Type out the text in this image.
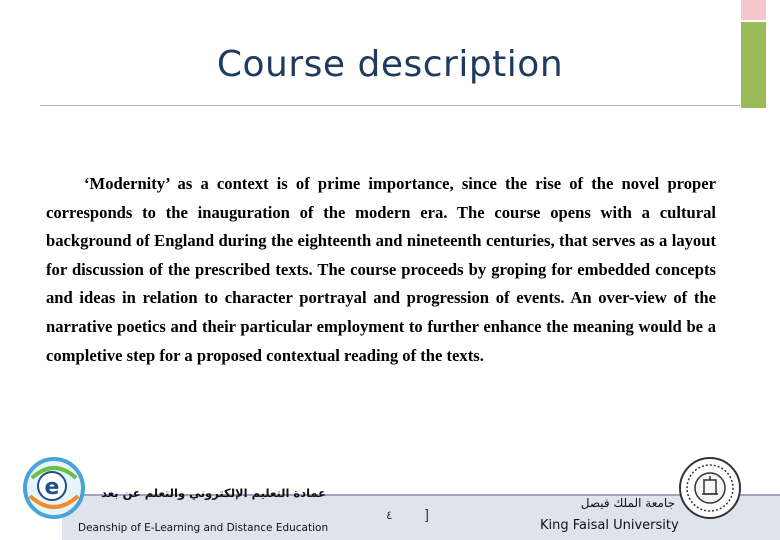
Course description

‘Modernity’ as a context is of prime importance, since the rise of the novel proper corresponds to the inauguration of the modern era. The course opens with a cultural background of England during the eighteenth and nineteenth centuries, that serves as a layout for discussion of the prescribed texts. The course proceeds by groping for embedded concepts and ideas in relation to character portrayal and progression of events. An over-view of the narrative poetics and their particular employment to further enhance the meaning would be a completive step for a proposed contextual reading of the texts.

e	عمادة التعليم الإلكتروني والتعلم عن بعد
Deanship of E-Learning and Distance Education
‏٤ ]
جامعة الملك فيصل
King Faisal University
